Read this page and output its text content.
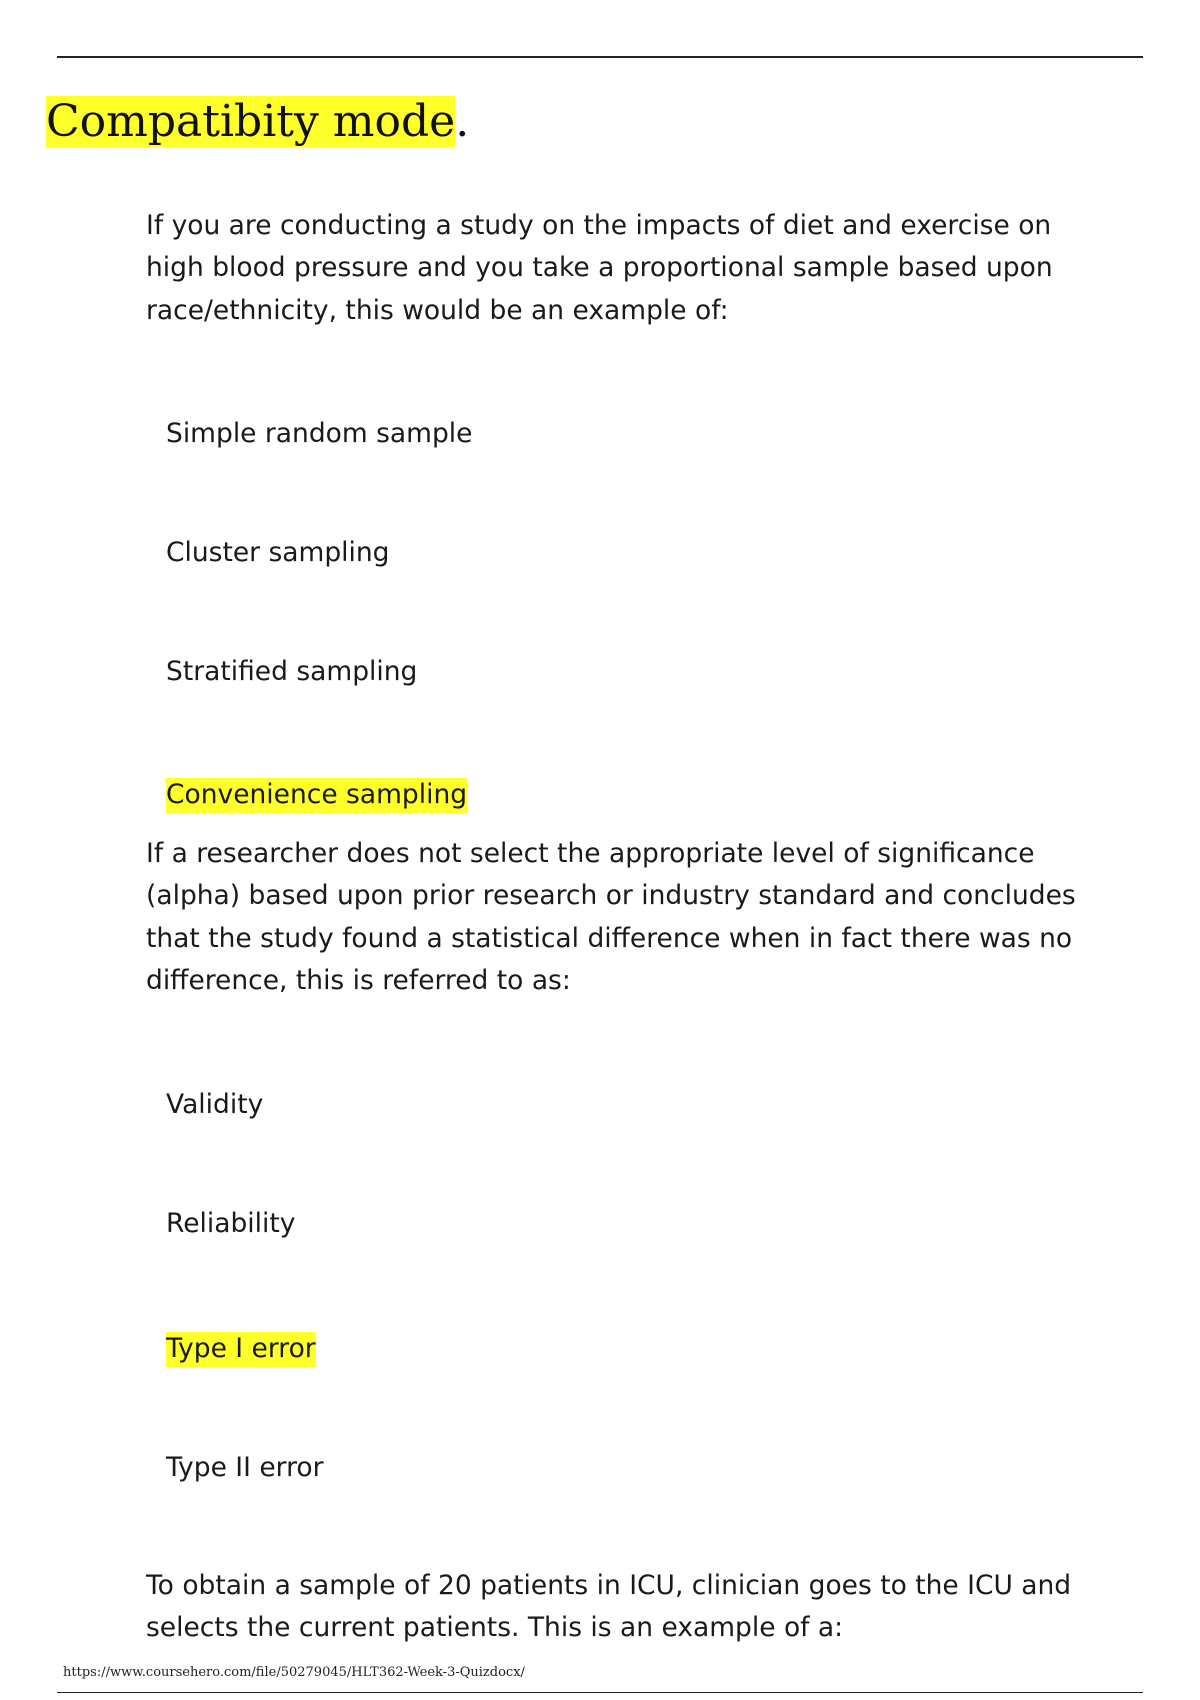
Compatibity mode.
If you are conducting a study on the impacts of diet and exercise on high blood pressure and you take a proportional sample based upon race/ethnicity, this would be an example of:
Simple random sample
Cluster sampling
Stratified sampling
Convenience sampling
If a researcher does not select the appropriate level of significance (alpha) based upon prior research or industry standard and concludes that the study found a statistical difference when in fact there was no difference, this is referred to as:
Validity
Reliability
Type I error
Type II error
To obtain a sample of 20 patients in ICU, clinician goes to the ICU and selects the current patients. This is an example of a:
https://www.coursehero.com/file/50279045/HLT362-Week-3-Quizdocx/
